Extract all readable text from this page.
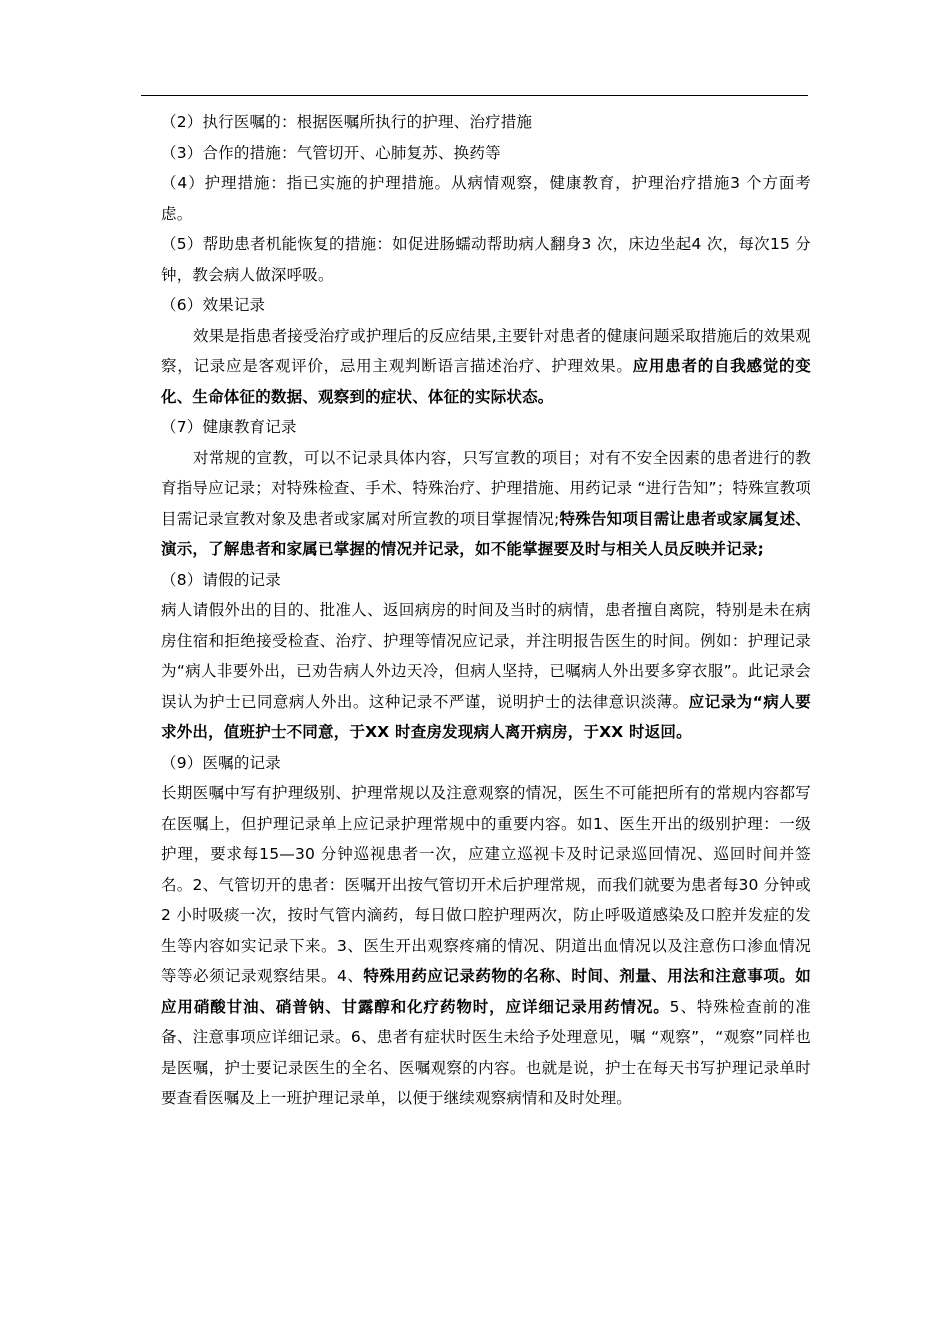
（2）执行医嘱的：根据医嘱所执行的护理、治疗措施

（3）合作的措施：气管切开、心肺复苏、换药等

（4）护理措施：指已实施的护理措施。从病情观察，健康教育，护理治疗措施3 个方面考虑。

（5）帮助患者机能恢复的措施：如促进肠蠕动帮助病人翻身3 次，床边坐起4 次，每次15 分钟，教会病人做深呼吸。

（6）效果记录

效果是指患者接受治疗或护理后的反应结果,主要针对患者的健康问题采取措施后的效果观察，记录应是客观评价，忌用主观判断语言描述治疗、护理效果。应用患者的自我感觉的变化、生命体征的数据、观察到的症状、体征的实际状态。

（7）健康教育记录

对常规的宣教，可以不记录具体内容，只写宣教的项目；对有不安全因素的患者进行的教育指导应记录；对特殊检查、手术、特殊治疗、护理措施、用药记录 “进行告知”；特殊宣教项目需记录宣教对象及患者或家属对所宣教的项目掌握情况;特殊告知项目需让患者或家属复述、演示，了解患者和家属已掌握的情况并记录，如不能掌握要及时与相关人员反映并记录;

（8）请假的记录

病人请假外出的目的、批准人、返回病房的时间及当时的病情，患者擅自离院，特别是未在病房住宿和拒绝接受检查、治疗、护理等情况应记录，并注明报告医生的时间。例如：护理记录为“病人非要外出，已劝告病人外边天冷，但病人坚持，已嘱病人外出要多穿衣服”。此记录会误认为护士已同意病人外出。这种记录不严谨，说明护士的法律意识淡薄。应记录为“病人要求外出，值班护士不同意，于XX 时查房发现病人离开病房，于XX 时返回。

（9）医嘱的记录

长期医嘱中写有护理级别、护理常规以及注意观察的情况，医生不可能把所有的常规内容都写在医嘱上，但护理记录单上应记录护理常规中的重要内容。如1、医生开出的级别护理：一级护理，要求每15—30 分钟巡视患者一次，应建立巡视卡及时记录巡回情况、巡回时间并签名。2、气管切开的患者：医嘱开出按气管切开术后护理常规，而我们就要为患者每30 分钟或2 小时吸痰一次，按时气管内滴药，每日做口腔护理两次，防止呼吸道感染及口腔并发症的发生等内容如实记录下来。3、医生开出观察疼痛的情况、阴道出血情况以及注意伤口渗血情况等等必须记录观察结果。4、特殊用药应记录药物的名称、时间、剂量、用法和注意事项。如应用硝酸甘油、硝普钠、甘露醇和化疗药物时，应详细记录用药情况。5、特殊检查前的准备、注意事项应详细记录。6、患者有症状时医生未给予处理意见，嘱 “观察”，“观察”同样也是医嘱，护士要记录医生的全名、医嘱观察的内容。也就是说，护士在每天书写护理记录单时要查看医嘱及上一班护理记录单，以便于继续观察病情和及时处理。
